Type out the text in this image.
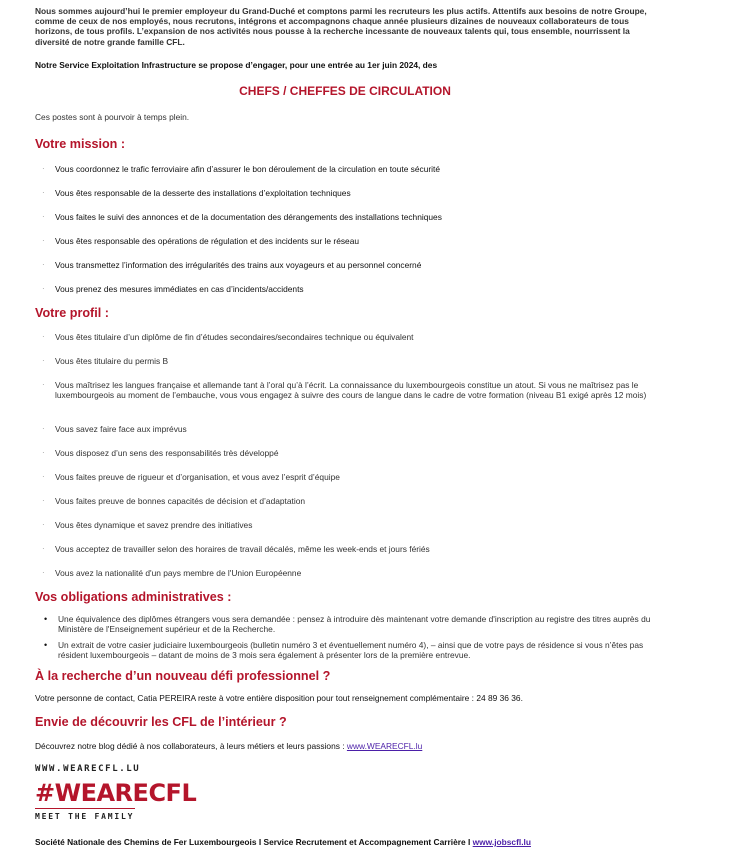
Nous sommes aujourd’hui le premier employeur du Grand-Duché et comptons parmi les recruteurs les plus actifs. Attentifs aux besoins de notre Groupe, comme de ceux de nos employés, nous recrutons, intégrons et accompagnons chaque année plusieurs dizaines de nouveaux collaborateurs de tous horizons, de tous profils. L’expansion de nos activités nous pousse à la recherche incessante de nouveaux talents qui, tous ensemble, nourrissent la diversité de notre grande famille CFL.

Notre Service Exploitation Infrastructure se propose d’engager, pour une entrée au 1er juin 2024, des

CHEFS / CHEFFES DE CIRCULATION

Ces postes sont à pourvoir à temps plein.

Votre mission :
· Vous coordonnez le trafic ferroviaire afin d’assurer le bon déroulement de la circulation en toute sécurité
· Vous êtes responsable de la desserte des installations d’exploitation techniques
· Vous faites le suivi des annonces et de la documentation des dérangements des installations techniques
· Vous êtes responsable des opérations de régulation et des incidents sur le réseau
· Vous transmettez l’information des irrégularités des trains aux voyageurs et au personnel concerné
· Vous prenez des mesures immédiates en cas d’incidents/accidents
Votre profil :
· Vous êtes titulaire d’un diplôme de fin d’études secondaires/secondaires technique ou équivalent
· Vous êtes titulaire du permis B
· Vous maîtrisez les langues française et allemande tant à l’oral qu’à l’écrit. La connaissance du luxembourgeois constitue un atout. Si vous ne maîtrisez pas le luxembourgeois au moment de l’embauche, vous vous engagez à suivre des cours de langue dans le cadre de votre formation (niveau B1 exigé après 12 mois)
· Vous savez faire face aux imprévus
· Vous disposez d’un sens des responsabilités très développé
· Vous faites preuve de rigueur et d’organisation, et vous avez l’esprit d’équipe
· Vous faites preuve de bonnes capacités de décision et d’adaptation
· Vous êtes dynamique et savez prendre des initiatives
· Vous acceptez de travailler selon des horaires de travail décalés, même les week-ends et jours fériés
· Vous avez la nationalité d'un pays membre de l'Union Européenne
Vos obligations administratives :
• Une équivalence des diplômes étrangers vous sera demandée : pensez à introduire dès maintenant votre demande d'inscription au registre des titres auprès du Ministère de l'Enseignement supérieur et de la Recherche.
• Un extrait de votre casier judiciaire luxembourgeois (bulletin numéro 3 et éventuellement numéro 4), – ainsi que de votre pays de résidence si vous n’êtes pas résident luxembourgeois – datant de moins de 3 mois sera également à présenter lors de la première entrevue.
À la recherche d’un nouveau défi professionnel ?

Votre personne de contact, Catia PEREIRA reste à votre entière disposition pour tout renseignement complémentaire : 24 89 36 36.

Envie de découvrir les CFL de l’intérieur ?

Découvrez notre blog dédié à nos collaborateurs, à leurs métiers et leurs passions : www.WEARECFL.lu

WWW.WEARECFL.LU
#WEARECFL
MEET THE FAMILY
Société Nationale des Chemins de Fer Luxembourgeois I Service Recrutement et Accompagnement Carrière I www.jobscfl.lu
